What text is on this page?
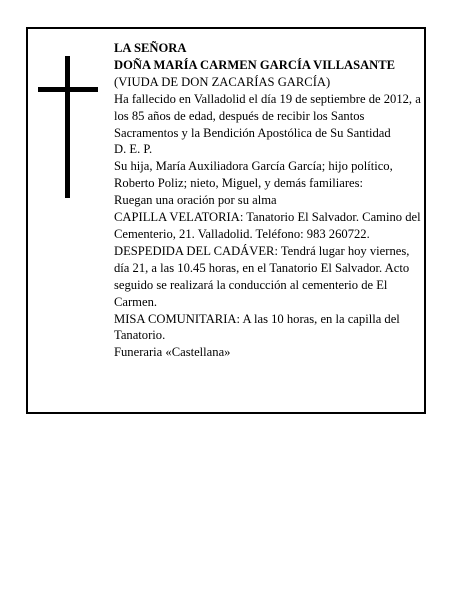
LA SEÑORA

DOÑA MARÍA CARMEN GARCÍA VILLASANTE

(VIUDA DE DON ZACARÍAS GARCÍA)

Ha fallecido en Valladolid el día 19 de septiembre de 2012, a los 85 años de edad, después de recibir los Santos Sacramentos y la Bendición Apostólica de Su Santidad

D. E. P.

Su hija, María Auxiliadora García García; hijo político, Roberto Poliz; nieto, Miguel, y demás familiares:

Ruegan una oración por su alma

CAPILLA VELATORIA: Tanatorio El Salvador. Camino del Cementerio, 21. Valladolid. Teléfono: 983 260722.

DESPEDIDA DEL CADÁVER: Tendrá lugar hoy viernes, día 21, a las 10.45 horas, en el Tanatorio El Salvador. Acto seguido se realizará la conducción al cementerio de El Carmen.

MISA COMUNITARIA: A las 10 horas, en la capilla del Tanatorio.

Funeraria «Castellana»
